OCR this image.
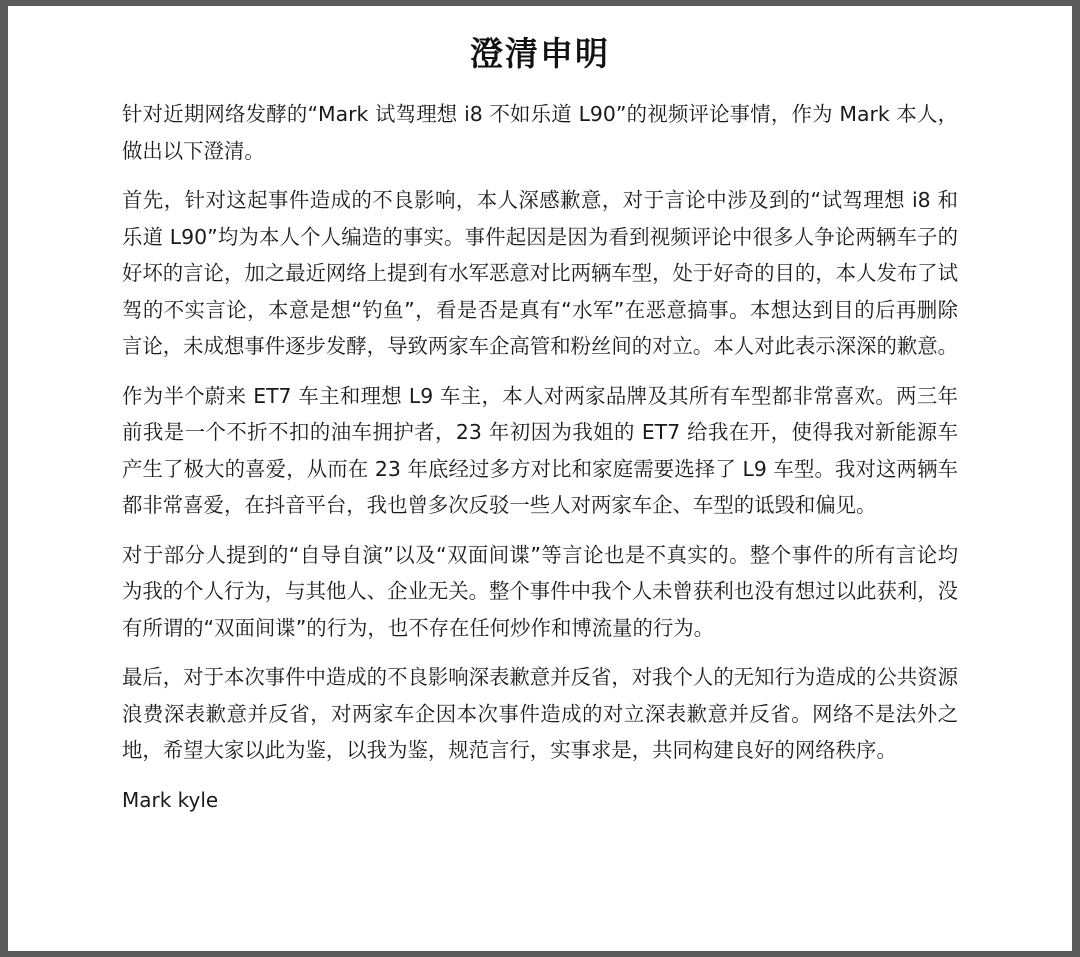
澄清申明

针对近期网络发酵的“Mark 试驾理想 i8 不如乐道 L90”的视频评论事情，作为 Mark 本人，做出以下澄清。

首先，针对这起事件造成的不良影响，本人深感歉意，对于言论中涉及到的“试驾理想 i8 和乐道 L90”均为本人个人编造的事实。事件起因是因为看到视频评论中很多人争论两辆车子的好坏的言论，加之最近网络上提到有水军恶意对比两辆车型，处于好奇的目的，本人发布了试驾的不实言论，本意是想“钓鱼”，看是否是真有“水军”在恶意搞事。本想达到目的后再删除言论，未成想事件逐步发酵，导致两家车企高管和粉丝间的对立。本人对此表示深深的歉意。

作为半个蔚来 ET7 车主和理想 L9 车主，本人对两家品牌及其所有车型都非常喜欢。两三年前我是一个不折不扣的油车拥护者，23 年初因为我姐的 ET7 给我在开，使得我对新能源车产生了极大的喜爱，从而在 23 年底经过多方对比和家庭需要选择了 L9 车型。我对这两辆车都非常喜爱，在抖音平台，我也曾多次反驳一些人对两家车企、车型的诋毁和偏见。

对于部分人提到的“自导自演”以及“双面间谍”等言论也是不真实的。整个事件的所有言论均为我的个人行为，与其他人、企业无关。整个事件中我个人未曾获利也没有想过以此获利，没有所谓的“双面间谍”的行为，也不存在任何炒作和博流量的行为。

最后，对于本次事件中造成的不良影响深表歉意并反省，对我个人的无知行为造成的公共资源浪费深表歉意并反省，对两家车企因本次事件造成的对立深表歉意并反省。网络不是法外之地，希望大家以此为鉴，以我为鉴，规范言行，实事求是，共同构建良好的网络秩序。

Mark kyle
